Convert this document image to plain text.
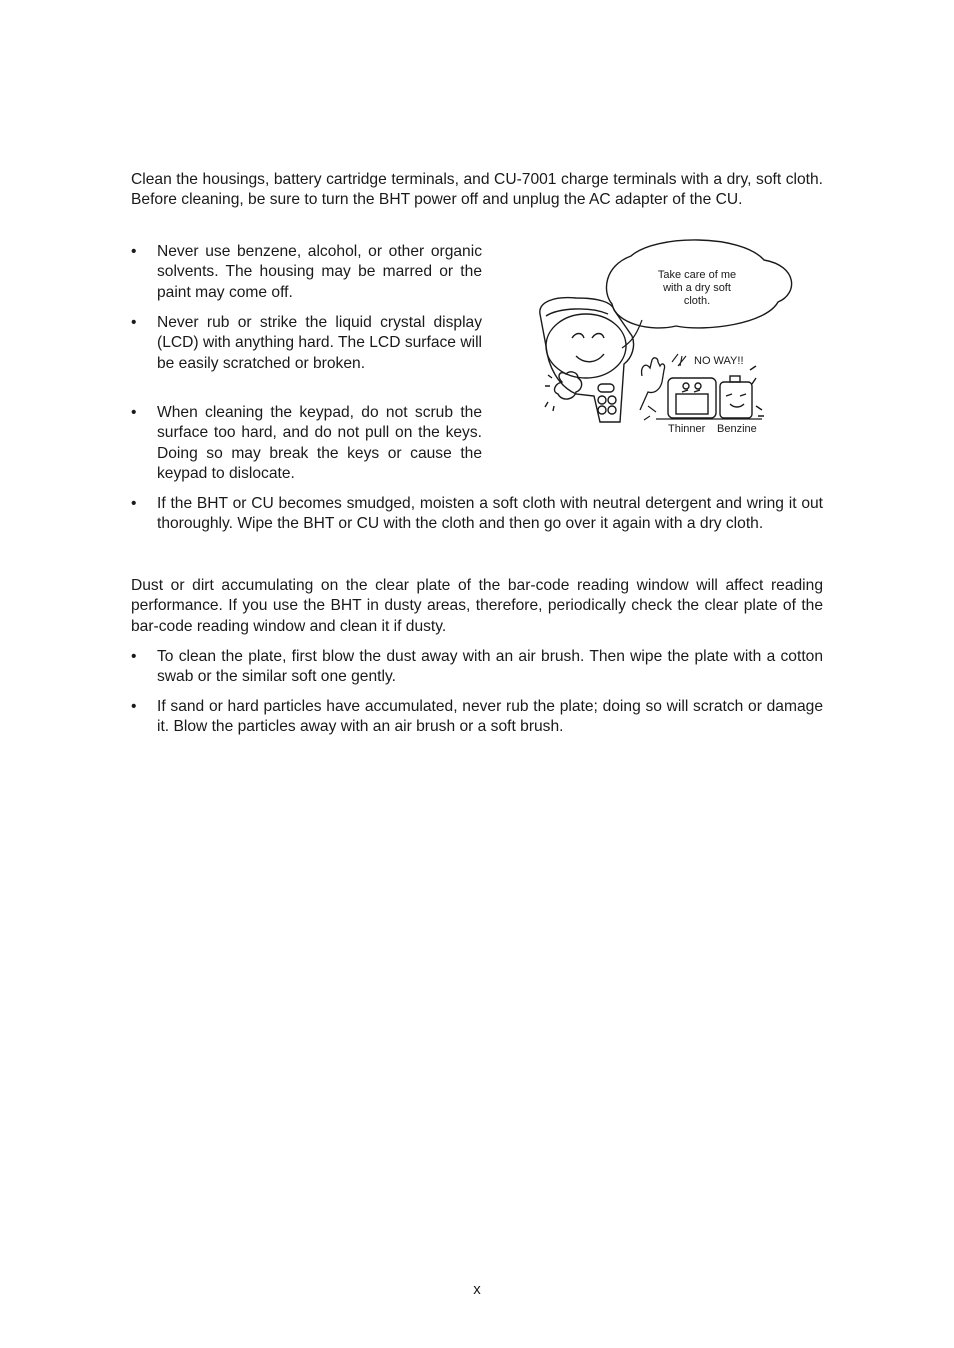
Clean the housings, battery cartridge terminals, and CU-7001 charge terminals with a dry, soft cloth. Before cleaning, be sure to turn the BHT power off and unplug the AC adapter of the CU.

•	Never use benzene, alcohol, or other organic solvents. The housing may be marred or the paint may come off.
•	Never rub or strike the liquid crystal display (LCD) with anything hard. The LCD surface will be easily scratched or broken.
•	When cleaning the keypad, do not scrub the surface too hard, and do not pull on the keys. Doing so may break the keys or cause the keypad to dislocate.
•	If the BHT or CU becomes smudged, moisten a soft cloth with neutral detergent and wring it out thoroughly. Wipe the BHT or CU with the cloth and then go over it again with a dry cloth.
Take care of me
with a dry soft
cloth.
NO WAY!!
Thinner Benzine

Dust or dirt accumulating on the clear plate of the bar-code reading window will affect reading performance. If you use the BHT in dusty areas, therefore, periodically check the clear plate of the bar-code reading window and clean it if dusty.

•	To clean the plate, first blow the dust away with an air brush. Then wipe the plate with a cotton swab or the similar soft one gently.
•	If sand or hard particles have accumulated, never rub the plate; doing so will scratch or damage it. Blow the particles away with an air brush or a soft brush.

x
